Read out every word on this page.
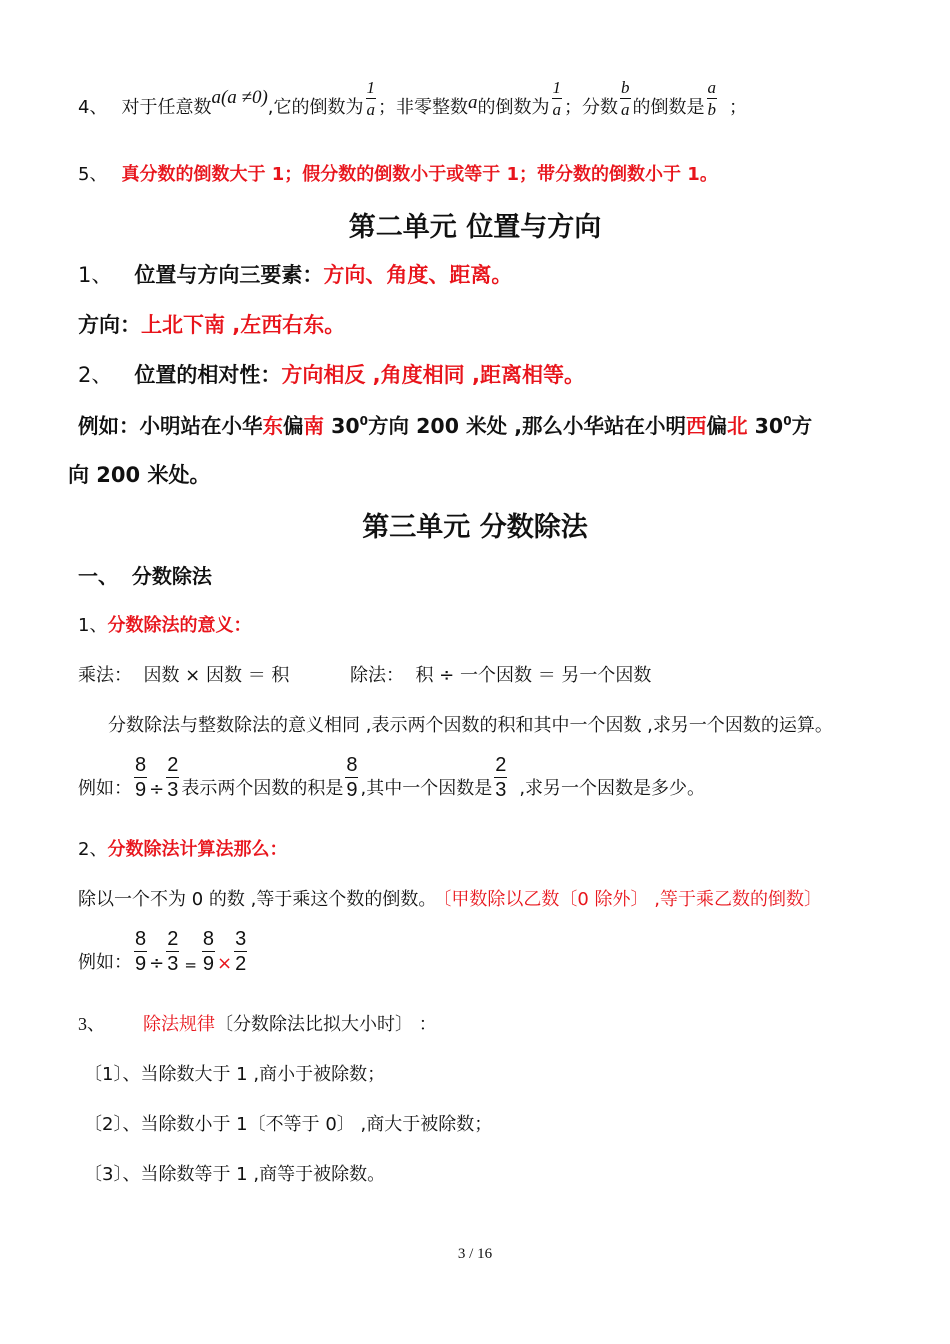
4、 对于任意数 a(a ≠0) ,它的倒数为 $\frac{1}{a}$ ；非零整数 a 的倒数为 $\frac{1}{a}$ ；分数 $\frac{b}{a}$ 的倒数是 $\frac{a}{b}$ ；
5、 真分数的倒数大于 1；假分数的倒数小于或等于 1；带分数的倒数小于 1。
第二单元 位置与方向
1、 位置与方向三要素：方向、角度、距离。
方向：上北下南 ,左西右东。
2、 位置的相对性：方向相反 ,角度相同 ,距离相等。
例如：小明站在小华东偏南 $30^0$方向 200 米处 ,那么小华站在小明西偏北 $30^0$方
向 200 米处。
第三单元 分数除法
一、  分数除法
1、分数除法的意义：
乘法：  因数 × 因数 ＝ 积	除法：  积 ÷ 一个因数 ＝ 另一个因数
分数除法与整数除法的意义相同 ,表示两个因数的积和其中一个因数 ,求另一个因数的运算。
例如： $\frac{8}{9} \div \frac{2}{3}$ 表示两个因数的积是 $\frac{8}{9}$ ,其中一个因数是 $\frac{2}{3}$ ,求另一个因数是多少。
2、分数除法计算法那么：
除以一个不为 0 的数 ,等于乘这个数的倒数。 〔甲数除以乙数〔0 除外〕 ,等于乘乙数的倒数〕
例如： $\frac{8}{9} \div \frac{2}{3} = \frac{8}{9} \times \frac{3}{2}$
3、 除法规律〔分数除法比拟大小时〕 ：
〔1〕、当除数大于 1 ,商小于被除数；
〔2〕、当除数小于 1〔不等于 0〕 ,商大于被除数；
〔3〕、当除数等于 1 ,商等于被除数。
3 / 16
